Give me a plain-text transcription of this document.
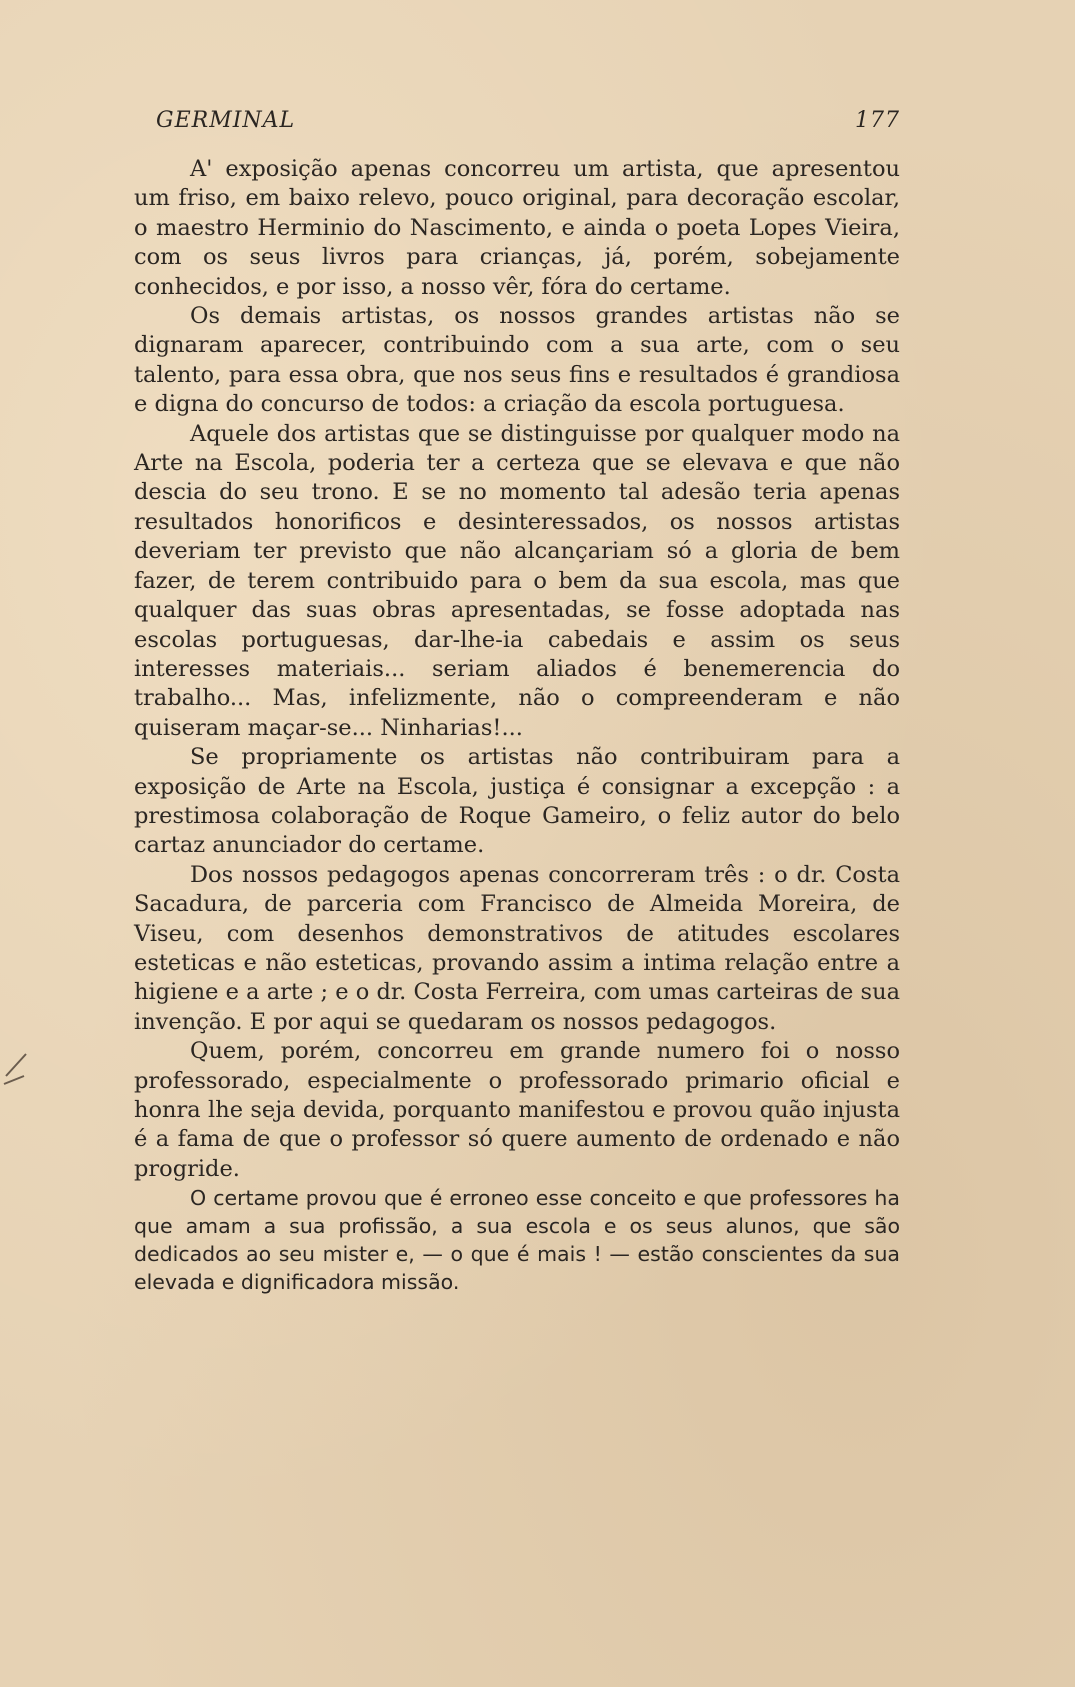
GERMINAL	177

A' exposição apenas concorreu um artista, que apresentou um friso, em baixo relevo, pouco original, para decoração escolar, o maestro Herminio do Nascimento, e ainda o poeta Lopes Vieira, com os seus livros para crianças, já, porém, sobejamente conhecidos, e por isso, a nosso vêr, fóra do certame.

Os demais artistas, os nossos grandes artistas não se dignaram aparecer, contribuindo com a sua arte, com o seu talento, para essa obra, que nos seus fins e resultados é grandiosa e digna do concurso de todos: a criação da escola portuguesa.

Aquele dos artistas que se distinguisse por qualquer modo na Arte na Escola, poderia ter a certeza que se elevava e que não descia do seu trono. E se no momento tal adesão teria apenas resultados honorificos e desinteressados, os nossos artistas deveriam ter previsto que não alcançariam só a gloria de bem fazer, de terem contribuido para o bem da sua escola, mas que qualquer das suas obras apresentadas, se fosse adoptada nas escolas portuguesas, dar-lhe-ia cabedais e assim os seus interesses materiais... seriam aliados é benemerencia do trabalho... Mas, infelizmente, não o compreenderam e não quiseram maçar-se... Ninharias!...

Se propriamente os artistas não contribuiram para a exposição de Arte na Escola, justiça é consignar a excepção : a prestimosa colaboração de Roque Gameiro, o feliz autor do belo cartaz anunciador do certame.

Dos nossos pedagogos apenas concorreram três : o dr. Costa Sacadura, de parceria com Francisco de Almeida Moreira, de Viseu, com desenhos demonstrativos de atitudes escolares esteticas e não esteticas, provando assim a intima relação entre a higiene e a arte ; e o dr. Costa Ferreira, com umas carteiras de sua invenção. E por aqui se quedaram os nossos pedagogos.

Quem, porém, concorreu em grande numero foi o nosso professorado, especialmente o professorado primario oficial e honra lhe seja devida, porquanto manifestou e provou quão injusta é a fama de que o professor só quere aumento de ordenado e não progride.

O certame provou que é erroneo esse conceito e que professores ha que amam a sua profissão, a sua escola e os seus alunos, que são dedicados ao seu mister e, — o que é mais ! — estão conscientes da sua elevada e dignificadora missão.
